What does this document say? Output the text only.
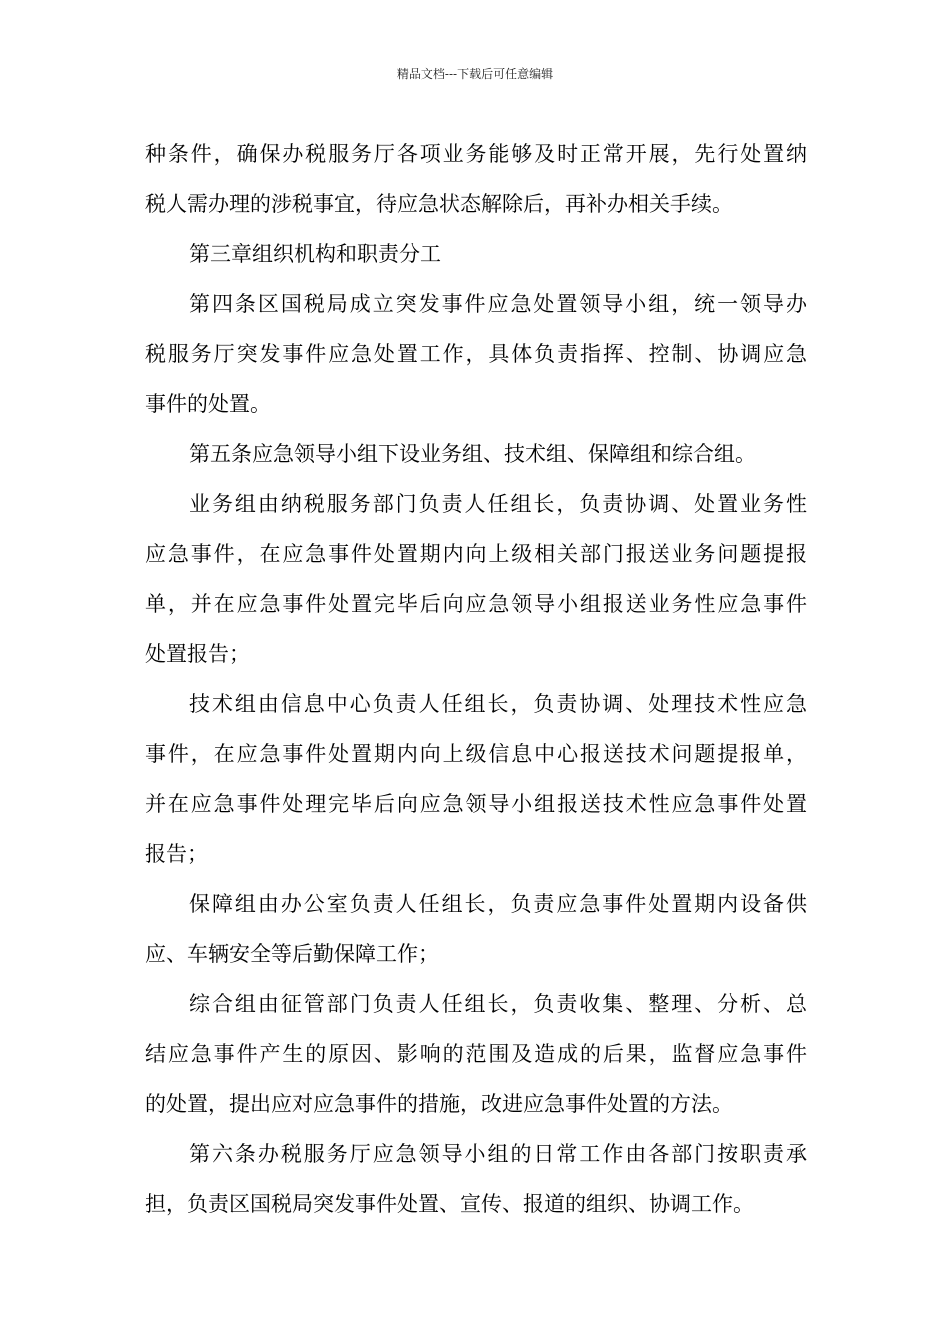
精品文档---下载后可任意编辑
种条件，确保办税服务厅各项业务能够及时正常开展，先行处置纳
税人需办理的涉税事宜，待应急状态解除后，再补办相关手续。
第三章组织机构和职责分工
第四条区国税局成立突发事件应急处置领导小组，统一领导办
税服务厅突发事件应急处置工作，具体负责指挥、控制、协调应急
事件的处置。
第五条应急领导小组下设业务组、技术组、保障组和综合组。
业务组由纳税服务部门负责人任组长，负责协调、处置业务性
应急事件，在应急事件处置期内向上级相关部门报送业务问题提报
单，并在应急事件处置完毕后向应急领导小组报送业务性应急事件
处置报告；
技术组由信息中心负责人任组长，负责协调、处理技术性应急
事件，在应急事件处置期内向上级信息中心报送技术问题提报单，
并在应急事件处理完毕后向应急领导小组报送技术性应急事件处置
报告；
保障组由办公室负责人任组长，负责应急事件处置期内设备供
应、车辆安全等后勤保障工作；
综合组由征管部门负责人任组长，负责收集、整理、分析、总
结应急事件产生的原因、影响的范围及造成的后果，监督应急事件
的处置，提出应对应急事件的措施，改进应急事件处置的方法。
第六条办税服务厅应急领导小组的日常工作由各部门按职责承
担，负责区国税局突发事件处置、宣传、报道的组织、协调工作。
